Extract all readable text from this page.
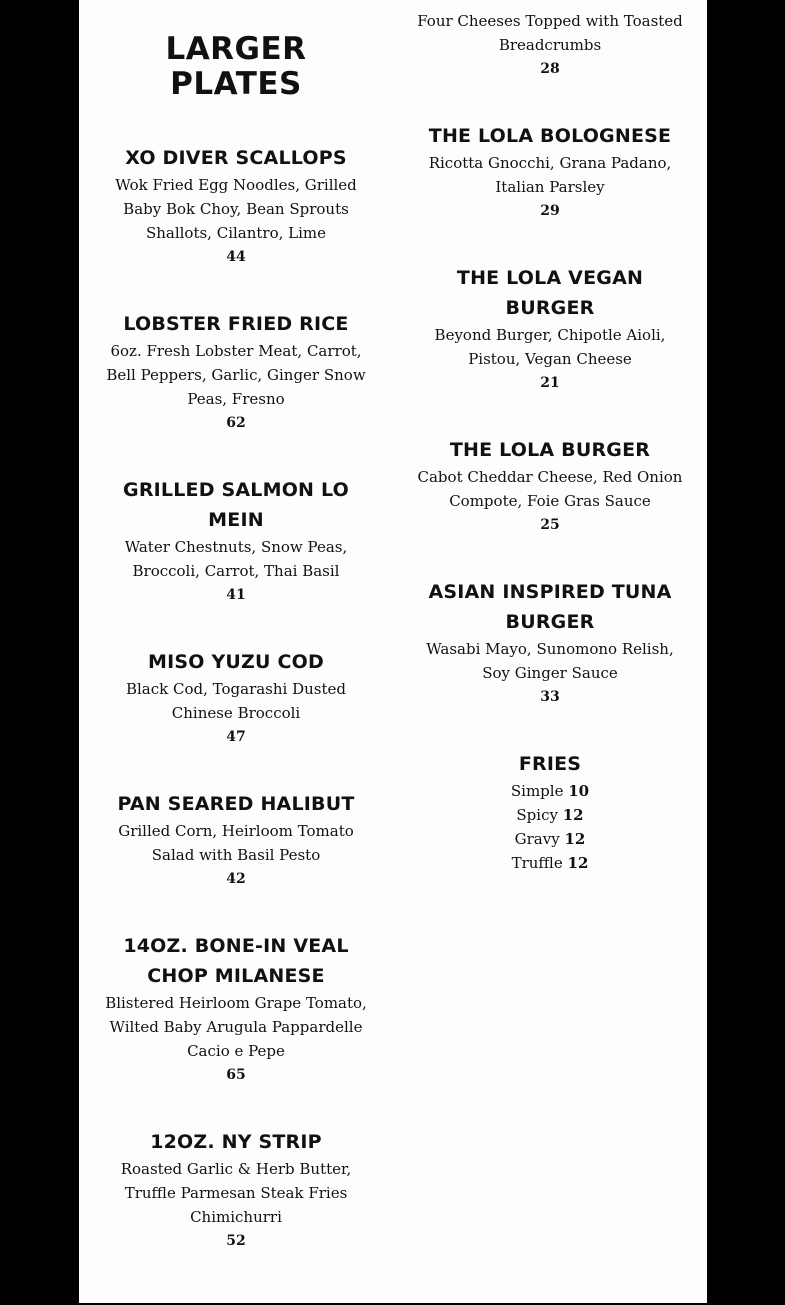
LARGER
PLATES
XO DIVER SCALLOPS
Wok Fried Egg Noodles, Grilled
Baby Bok Choy, Bean Sprouts
Shallots, Cilantro, Lime
44
LOBSTER FRIED RICE
6oz. Fresh Lobster Meat, Carrot,
Bell Peppers, Garlic, Ginger Snow
Peas, Fresno
62
GRILLED SALMON LO
MEIN
Water Chestnuts, Snow Peas,
Broccoli, Carrot, Thai Basil
41
MISO YUZU COD
Black Cod, Togarashi Dusted
Chinese Broccoli
47
PAN SEARED HALIBUT
Grilled Corn, Heirloom Tomato
Salad with Basil Pesto
42
14OZ. BONE-IN VEAL
CHOP MILANESE
Blistered Heirloom Grape Tomato,
Wilted Baby Arugula Pappardelle
Cacio e Pepe
65
12OZ. NY STRIP
Roasted Garlic & Herb Butter,
Truffle Parmesan Steak Fries
Chimichurri
52
Four Cheeses Topped with Toasted
Breadcrumbs
28
THE LOLA BOLOGNESE
Ricotta Gnocchi, Grana Padano,
Italian Parsley
29
THE LOLA VEGAN
BURGER
Beyond Burger, Chipotle Aioli,
Pistou, Vegan Cheese
21
THE LOLA BURGER
Cabot Cheddar Cheese, Red Onion
Compote, Foie Gras Sauce
25
ASIAN INSPIRED TUNA
BURGER
Wasabi Mayo, Sunomono Relish,
Soy Ginger Sauce
33
FRIES
Simple 10
Spicy 12
Gravy 12
Truffle 12
